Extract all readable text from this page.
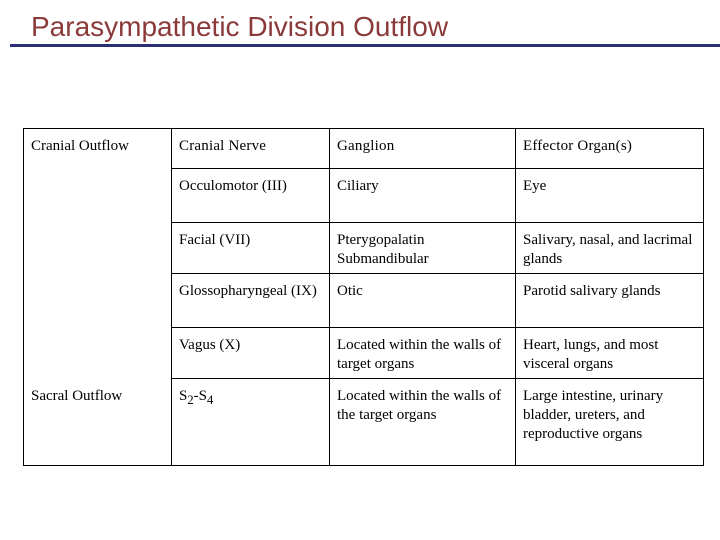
Parasympathetic Division Outflow
Cranial Outflow	Cranial Nerve	Ganglion	Effector Organ(s)
	Occulomotor (III)	Ciliary	Eye
	Facial (VII)	Pterygopalatin Submandibular	Salivary, nasal, and lacrimal glands
	Glossopharyngeal (IX)	Otic	Parotid salivary glands
	Vagus (X)	Located within the walls of target organs	Heart, lungs, and most visceral organs
Sacral Outflow	$S_2-S_4$	Located within the walls of the target organs	Large intestine, urinary bladder, ureters, and reproductive organs
